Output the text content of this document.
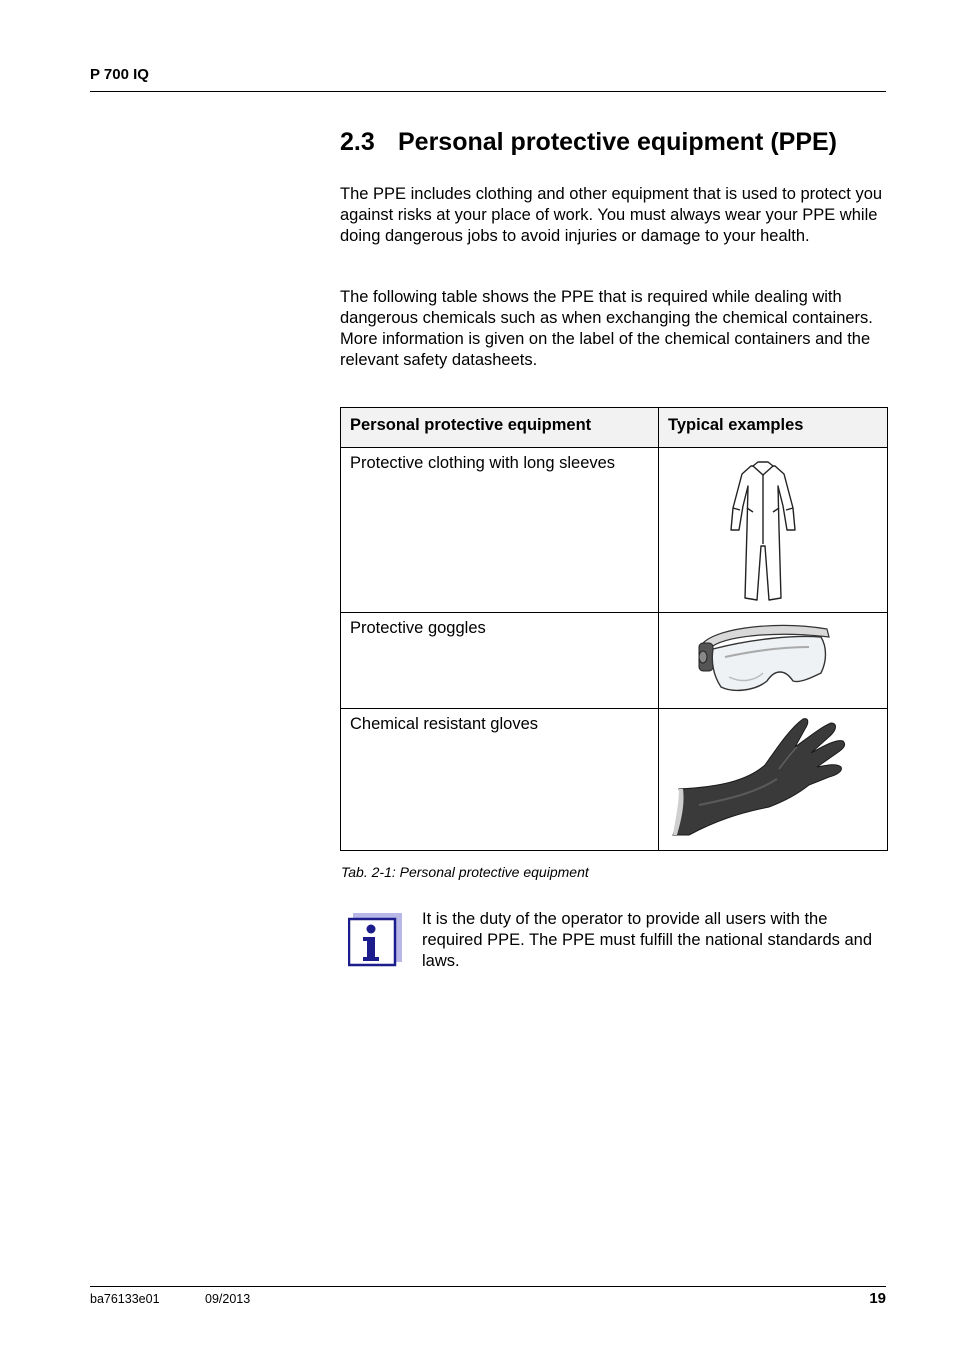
P 700 IQ
2.3 Personal protective equipment (PPE)

The PPE includes clothing and other equipment that is used to protect you against risks at your place of work. You must always wear your PPE while doing dangerous jobs to avoid injuries or damage to your health.

The following table shows the PPE that is required while dealing with dangerous chemicals such as when exchanging the chemical containers. More information is given on the label of the chemical containers and the relevant safety datasheets.

Personal protective equipment	Typical examples
Protective clothing with long sleeves	

Protective goggles	

Chemical resistant gloves	
Tab. 2-1: Personal protective equipment

It is the duty of the operator to provide all users with the required PPE. The PPE must fulfill the national standards and laws.

ba76133e01	09/2013	19
